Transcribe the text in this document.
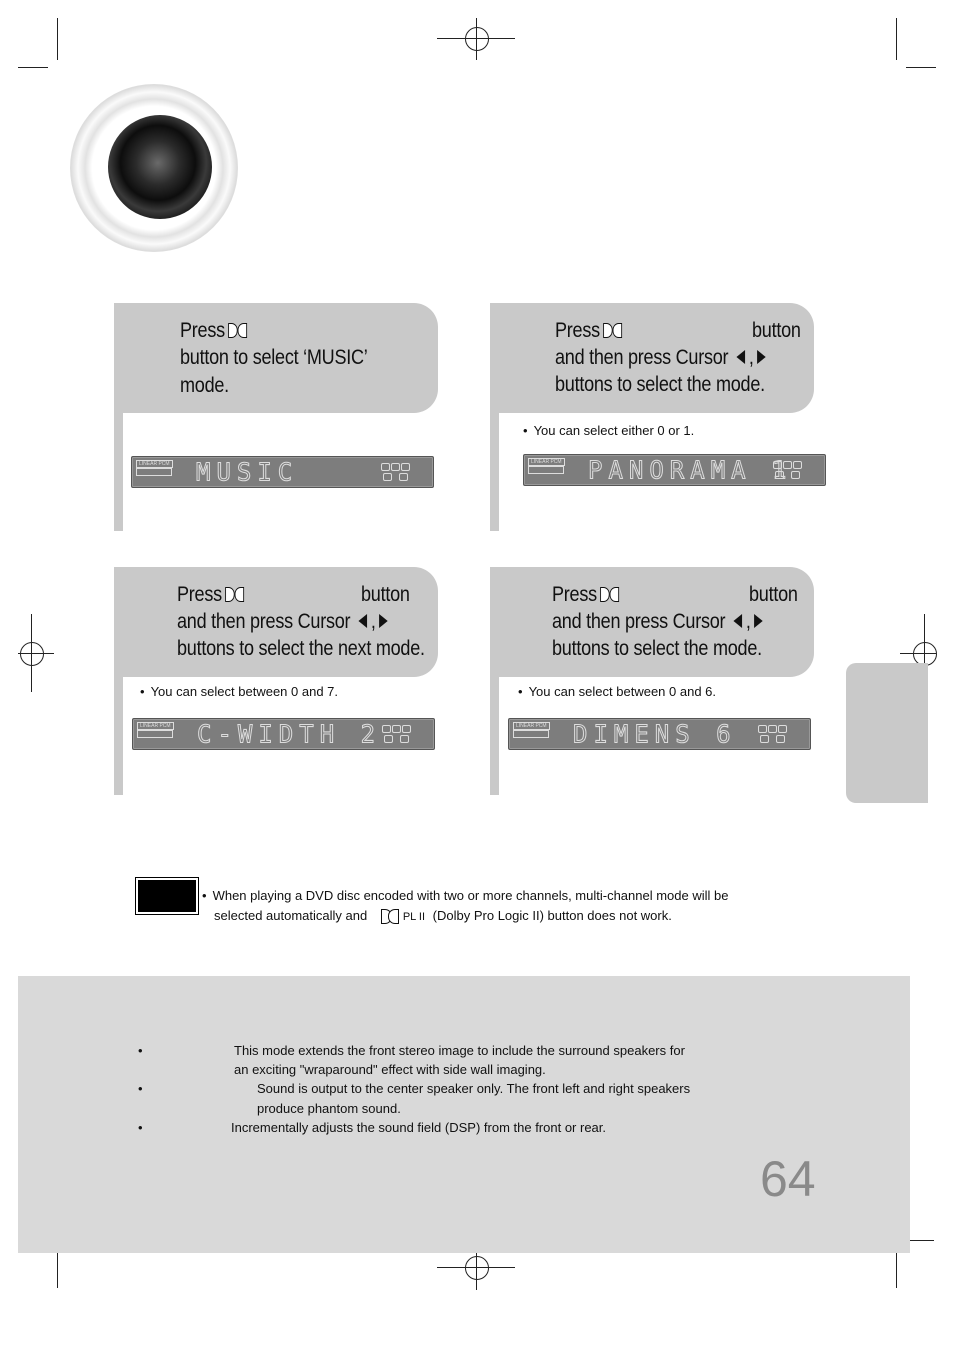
Press
button to select ‘MUSIC’
mode.
LINEAR PCM MUSIC
Press	button
and then press Cursor ,
buttons to select the mode.
• You can select either 0 or 1.
LINEAR PCM PANORAMA 1
Press	button
and then press Cursor ,
buttons to select the next mode.
• You can select between 0 and 7.
LINEAR PCM C-WIDTH 2
Press	button
and then press Cursor ,
buttons to select the mode.
• You can select between 0 and 6.
LINEAR PCM DIMENS 6
• When playing a DVD disc encoded with two or more channels, multi-channel mode will be
selected automatically and	PL II (Dolby Pro Logic II) button does not work.
•	This mode extends the front stereo image to include the surround speakers for
an exciting "wraparound" effect with side wall imaging.
•	Sound is output to the center speaker only. The front left and right speakers
produce phantom sound.
•	Incrementally adjusts the sound field (DSP) from the front or rear.
64
